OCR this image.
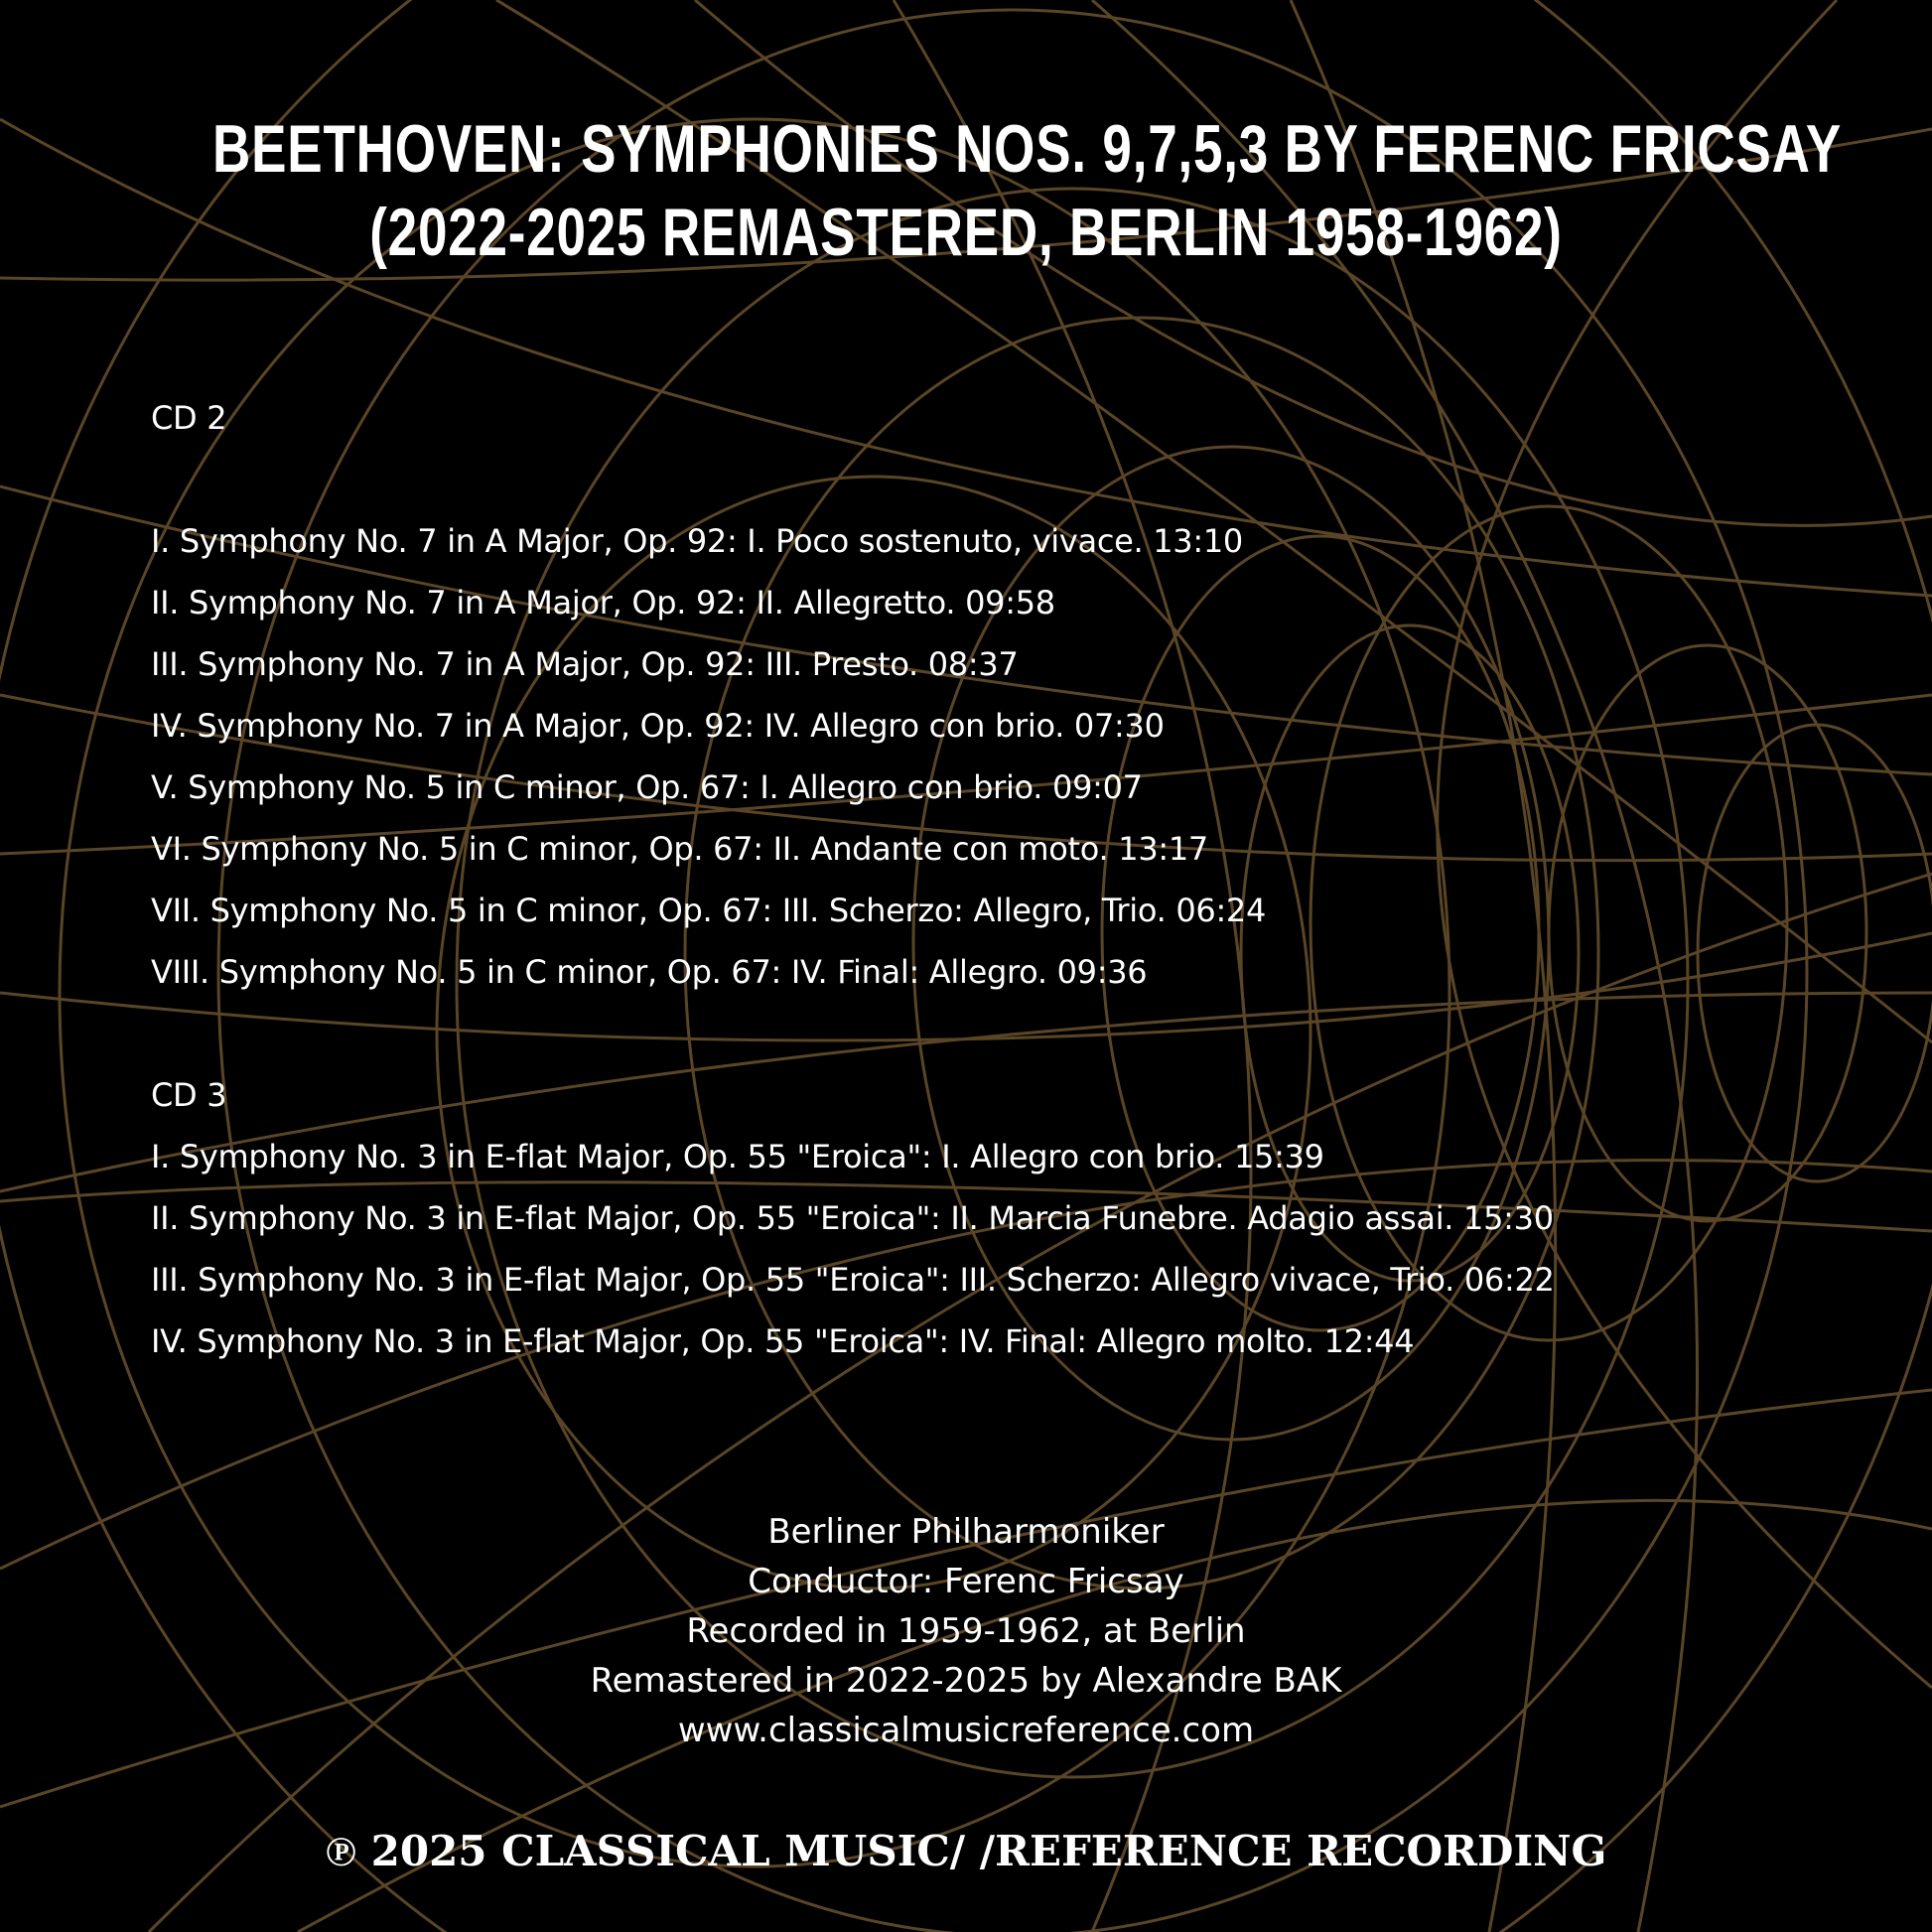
BEETHOVEN: SYMPHONIES NOS. 9,7,5,3 BY FERENC FRICSAY
(2022-2025 REMASTERED, BERLIN 1958-1962)
CD 2
I. Symphony No. 7 in A Major, Op. 92: I. Poco sostenuto, vivace. 13:10
II. Symphony No. 7 in A Major, Op. 92: II. Allegretto. 09:58
III. Symphony No. 7 in A Major, Op. 92: III. Presto. 08:37
IV. Symphony No. 7 in A Major, Op. 92: IV. Allegro con brio. 07:30
V. Symphony No. 5 in C minor, Op. 67: I. Allegro con brio. 09:07
VI. Symphony No. 5 in C minor, Op. 67: II. Andante con moto. 13:17
VII. Symphony No. 5 in C minor, Op. 67: III. Scherzo: Allegro, Trio. 06:24
VIII. Symphony No. 5 in C minor, Op. 67: IV. Final: Allegro. 09:36
CD 3
I. Symphony No. 3 in E-flat Major, Op. 55 "Eroica": I. Allegro con brio. 15:39
II. Symphony No. 3 in E-flat Major, Op. 55 "Eroica": II. Marcia Funebre. Adagio assai. 15:30
III. Symphony No. 3 in E-flat Major, Op. 55 "Eroica": III. Scherzo: Allegro vivace, Trio. 06:22
IV. Symphony No. 3 in E-flat Major, Op. 55 "Eroica": IV. Final: Allegro molto. 12:44
Berliner Philharmoniker
Conductor: Ferenc Fricsay
Recorded in 1959-1962, at Berlin
Remastered in 2022-2025 by Alexandre BAK
www.classicalmusicreference.com
℗ 2025 CLASSICAL MUSIC/ /REFERENCE RECORDING
